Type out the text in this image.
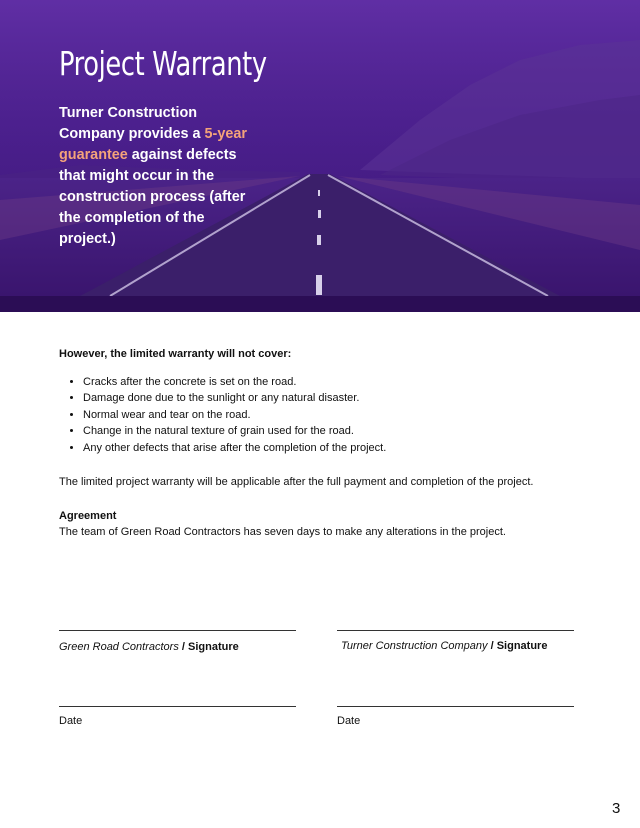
Project Warranty
Turner Construction Company provides a 5-year guarantee against defects that might occur in the construction process (after the completion of the project.)
However, the limited warranty will not cover:
• Cracks after the concrete is set on the road.
• Damage done due to the sunlight or any natural disaster.
• Normal wear and tear on the road.
• Change in the natural texture of grain used for the road.
• Any other defects that arise after the completion of the project.
The limited project warranty will be applicable after the full payment and completion of the project.
Agreement
The team of Green Road Contractors has seven days to make any alterations in the project.
Green Road Contractors / Signature	Turner Construction Company / Signature
Date	Date
3
